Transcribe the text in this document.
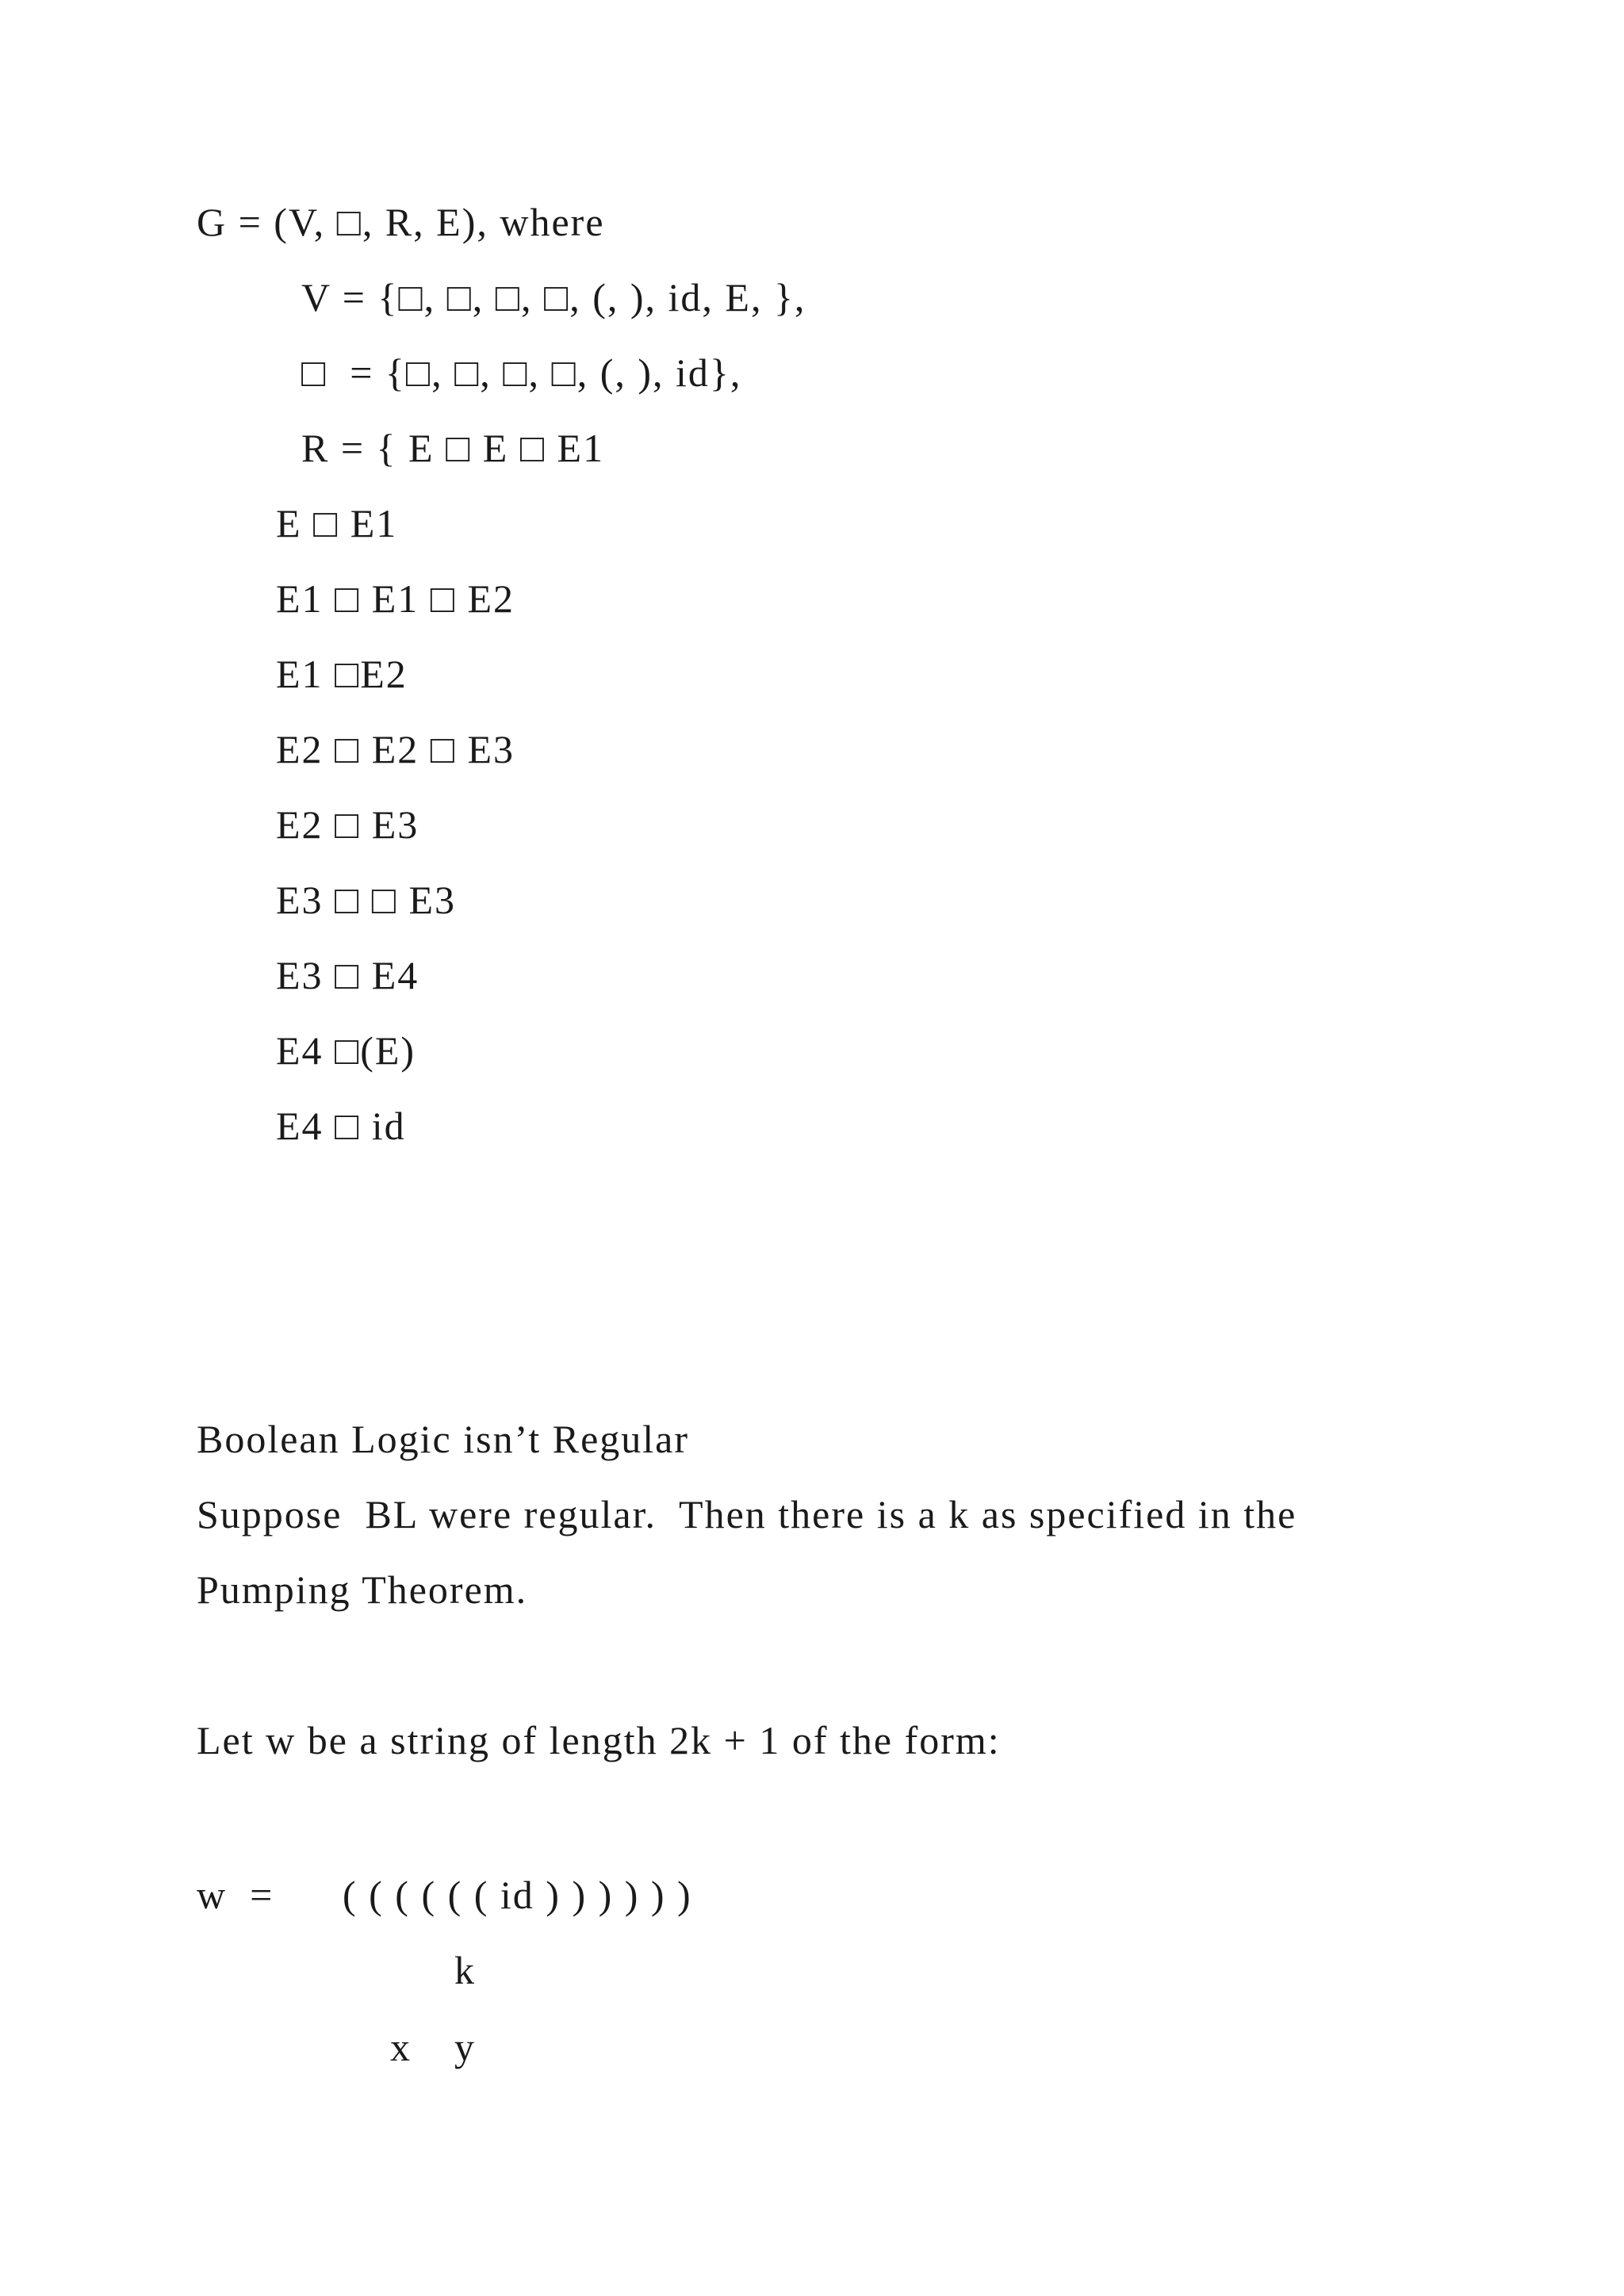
G = (V, □, R, E), where
V = {□, □, □, □, (, ), id, E, },
□  = {□, □, □, □, (, ), id},
R = { E □ E □ E1
E □ E1
E1 □ E1 □ E2
E1 □E2
E2 □ E2 □ E3
E2 □ E3
E3 □ □ E3
E3 □ E4
E4 □(E)
E4 □ id
Boolean Logic isn’t Regular
Suppose  BL were regular.  Then there is a k as specified in the
Pumping Theorem.
Let w be a string of length 2k + 1 of the form:
w  = ( ( ( ( ( ( id ) ) ) ) ) )
k
x y
